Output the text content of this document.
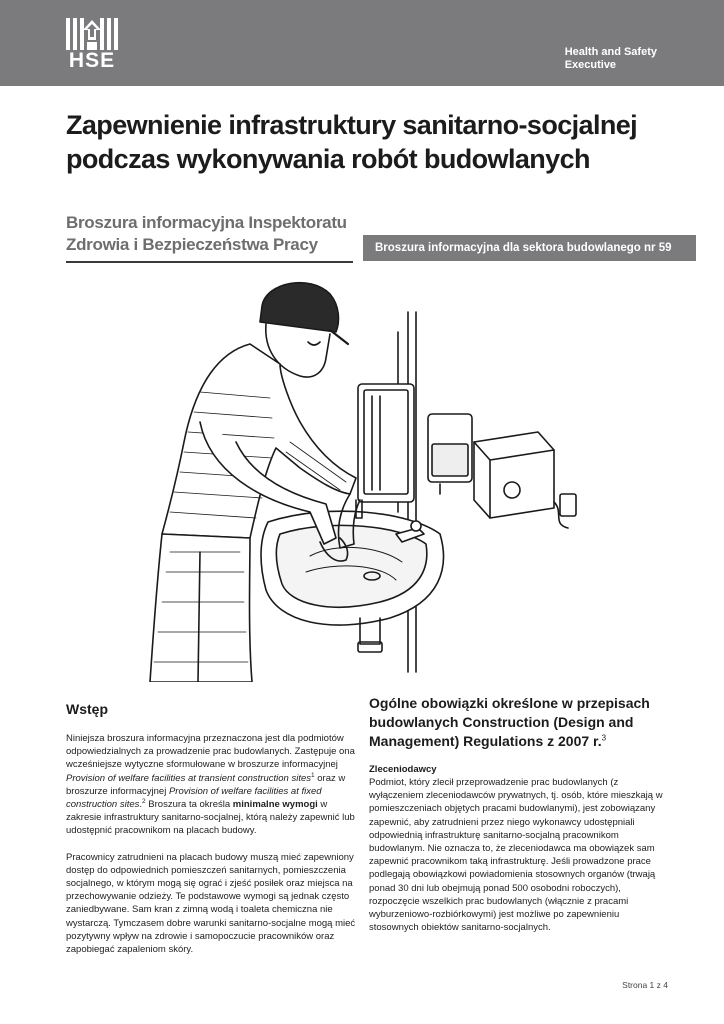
HSE	Health and Safety
Executive
Zapewnienie infrastruktury sanitarno-socjalnej
podczas wykonywania robót budowlanych
Broszura informacyjna Inspektoratu
Zdrowia i Bezpieczeństwa Pracy	Broszura informacyjna dla sektora budowlanego nr 59
Wstęp

Niniejsza broszura informacyjna przeznaczona jest dla podmiotów odpowiedzialnych za prowadzenie prac budowlanych. Zastępuje ona wcześniejsze wytyczne sformułowane w broszurze informacyjnej Provision of welfare facilities at transient construction sites$^1$ oraz w broszurze informacyjnej Provision of welfare facilities at fixed construction sites.$^2$ Broszura ta określa minimalne wymogi w zakresie infrastruktury sanitarno-socjalnej, którą należy zapewnić lub udostępnić pracownikom na placach budowy.

Pracownicy zatrudnieni na placach budowy muszą mieć zapewniony dostęp do odpowiednich pomieszczeń sanitarnych, pomieszczenia socjalnego, w którym mogą się ograć i zjeść posiłek oraz miejsca na przechowywanie odzieży. Te podstawowe wymogi są jednak często zaniedbywane. Sam kran z zimną wodą i toaleta chemiczna nie wystarczą. Tymczasem dobre warunki sanitarno-socjalne mogą mieć pozytywny wpływ na zdrowie i samopoczucie pracowników oraz zapobiegać zapaleniom skóry.

Ogólne obowiązki określone w przepisach budowlanych Construction (Design and Management) Regulations z 2007 r.$^3$

Zleceniodawcy

Podmiot, który zlecił przeprowadzenie prac budowlanych (z wyłączeniem zleceniodawców prywatnych, tj. osób, które mieszkają w pomieszczeniach objętych pracami budowlanymi), jest zobowiązany zapewnić, aby zatrudnieni przez niego wykonawcy udostępniali odpowiednią infrastrukturę sanitarno-socjalną pracownikom budowlanym. Nie oznacza to, że zleceniodawca ma obowiązek sam zapewnić pracownikom taką infrastrukturę. Jeśli prowadzone prace podlegają obowiązkowi powiadomienia stosownych organów (trwają ponad 30 dni lub obejmują ponad 500 osobodni roboczych), rozpoczęcie wszelkich prac budowlanych (włącznie z pracami wyburzeniowo-rozbiórkowymi) jest możliwe po zapewnieniu stosownych obiektów sanitarno-socjalnych.

Strona 1 z 4
